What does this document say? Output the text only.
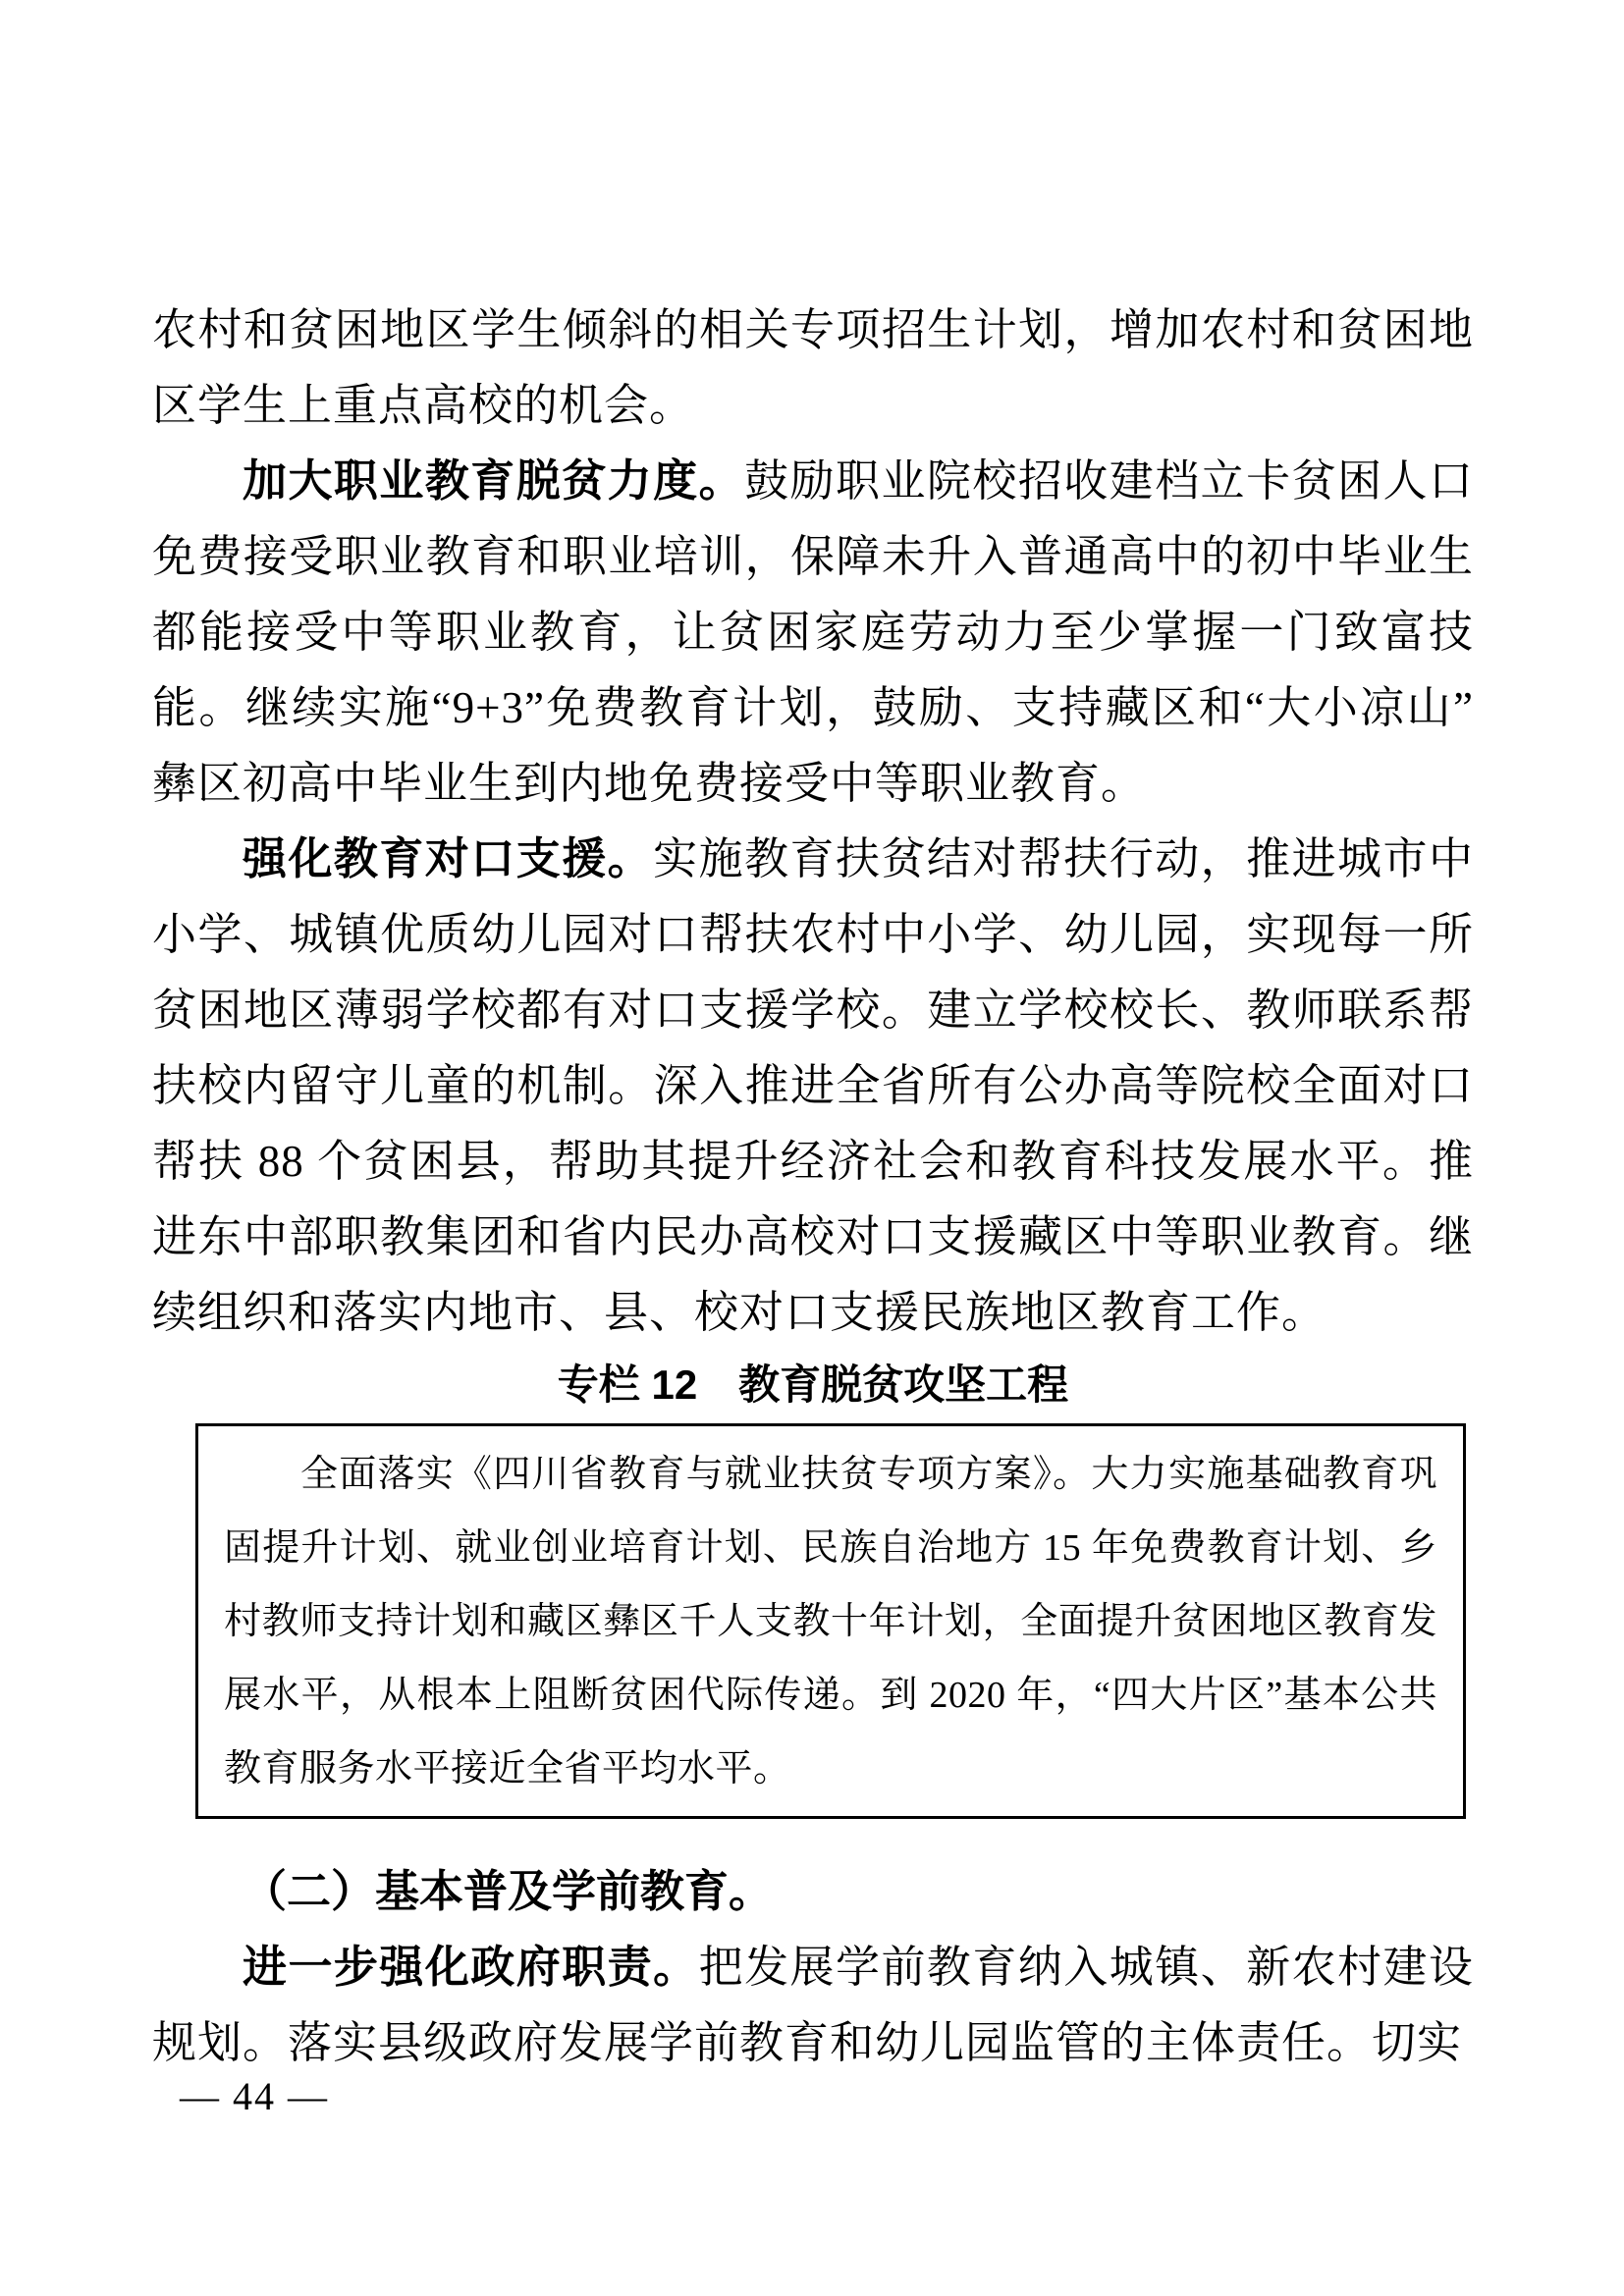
农村和贫困地区学生倾斜的相关专项招生计划，增加农村和贫困地区学生上重点高校的机会。

加大职业教育脱贫力度。鼓励职业院校招收建档立卡贫困人口免费接受职业教育和职业培训，保障未升入普通高中的初中毕业生都能接受中等职业教育，让贫困家庭劳动力至少掌握一门致富技能。继续实施“9+3”免费教育计划，鼓励、支持藏区和“大小凉山”彝区初高中毕业生到内地免费接受中等职业教育。

强化教育对口支援。实施教育扶贫结对帮扶行动，推进城市中小学、城镇优质幼儿园对口帮扶农村中小学、幼儿园，实现每一所贫困地区薄弱学校都有对口支援学校。建立学校校长、教师联系帮扶校内留守儿童的机制。深入推进全省所有公办高等院校全面对口帮扶 88 个贫困县，帮助其提升经济社会和教育科技发展水平。推进东中部职教集团和省内民办高校对口支援藏区中等职业教育。继续组织和落实内地市、县、校对口支援民族地区教育工作。

专栏 12　教育脱贫攻坚工程

全面落实《四川省教育与就业扶贫专项方案》。大力实施基础教育巩固提升计划、就业创业培育计划、民族自治地方 15 年免费教育计划、乡村教师支持计划和藏区彝区千人支教十年计划，全面提升贫困地区教育发展水平，从根本上阻断贫困代际传递。到 2020 年，“四大片区”基本公共教育服务水平接近全省平均水平。

（二）基本普及学前教育。

进一步强化政府职责。把发展学前教育纳入城镇、新农村建设规划。落实县级政府发展学前教育和幼儿园监管的主体责任。切实

— 44 —
